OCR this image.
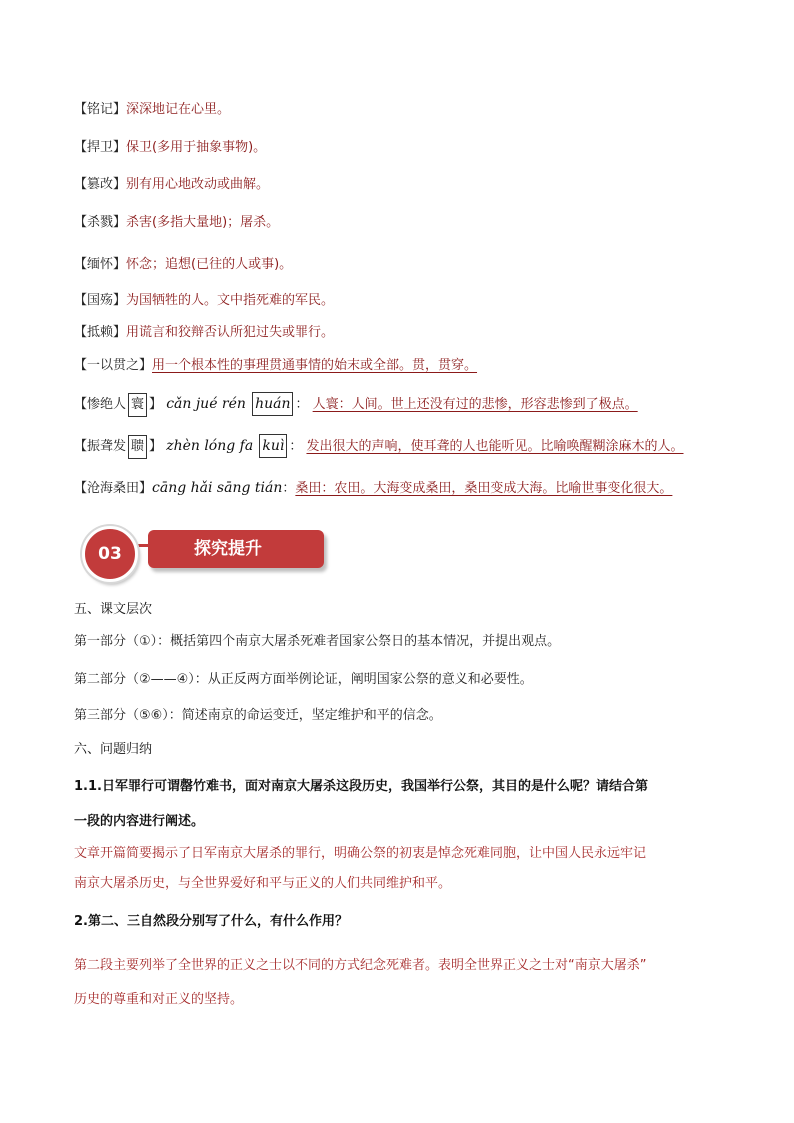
【铭记】深深地记在心里。
【捍卫】保卫(多用于抽象事物)。
【篡改】别有用心地改动或曲解。
【杀戮】杀害(多指大量地)；屠杀。
【缅怀】怀念；追想(已往的人或事)。
【国殇】为国牺牲的人。文中指死难的军民。
【抵赖】用谎言和狡辩否认所犯过失或罪行。
【一以贯之】用一个根本性的事理贯通事情的始末或全部。贯，贯穿。
【惨绝人 寰 】 cǎn jué rén huán ： 人寰：人间。世上还没有过的悲惨，形容悲惨到了极点。
【振聋发 聩 】 zhèn lóng fa kuì ： 发出很大的声响，使耳聋的人也能听见。比喻唤醒糊涂麻木的人。
【沧海桑田】cāng hǎi sāng tián：桑田：农田。大海变成桑田，桑田变成大海。比喻世事变化很大。
03	探究提升
五、课文层次
第一部分（①）：概括第四个南京大屠杀死难者国家公祭日的基本情况，并提出观点。
第二部分（②——④）：从正反两方面举例论证，阐明国家公祭的意义和必要性。
第三部分（⑤⑥）：简述南京的命运变迁，坚定维护和平的信念。
六、问题归纳
1.1.日军罪行可谓罄竹难书，面对南京大屠杀这段历史，我国举行公祭，其目的是什么呢？请结合第
一段的内容进行阐述。
文章开篇简要揭示了日军南京大屠杀的罪行，明确公祭的初衷是悼念死难同胞，让中国人民永远牢记
南京大屠杀历史，与全世界爱好和平与正义的人们共同维护和平。
2.第二、三自然段分别写了什么，有什么作用？
第二段主要列举了全世界的正义之士以不同的方式纪念死难者。表明全世界正义之士对“南京大屠杀”
历史的尊重和对正义的坚持。
